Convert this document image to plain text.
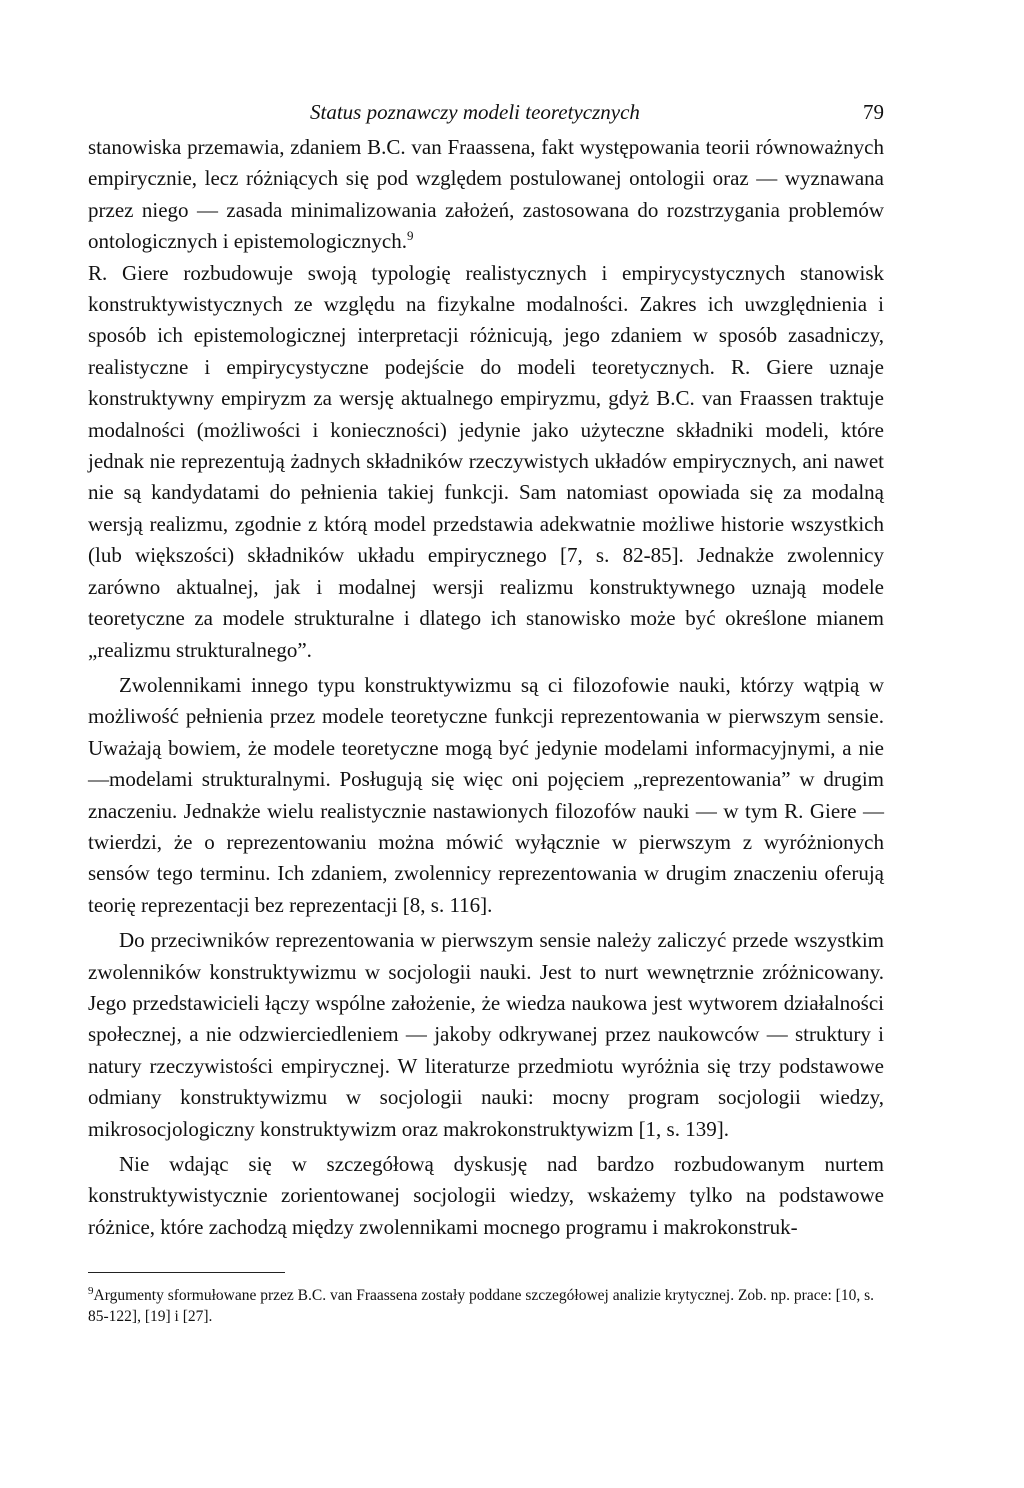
Status poznawczy modeli teoretycznych	79

stanowiska przemawia, zdaniem B.C. van Fraassena, fakt występowania teorii równoważnych empirycznie, lecz różniących się pod względem postulowanej ontologii oraz — wyznawana przez niego — zasada minimalizowania założeń, zastosowana do rozstrzygania problemów ontologicznych i epistemologicznych.$^9$

R. Giere rozbudowuje swoją typologię realistycznych i empirycystycznych stanowisk konstruktywistycznych ze względu na fizykalne modalności. Zakres ich uwzględnienia i sposób ich epistemologicznej interpretacji różnicują, jego zdaniem w sposób zasadniczy, realistyczne i empirycystyczne podejście do modeli teoretycznych. R. Giere uznaje konstruktywny empiryzm za wersję aktualnego empiryzmu, gdyż B.C. van Fraassen traktuje modalności (możliwości i konieczności) jedynie jako użyteczne składniki modeli, które jednak nie reprezentują żadnych składników rzeczywistych układów empirycznych, ani nawet nie są kandydatami do pełnienia takiej funkcji. Sam natomiast opowiada się za modalną wersją realizmu, zgodnie z którą model przedstawia adekwatnie możliwe historie wszystkich (lub większości) składników układu empirycznego [7, s. 82-85]. Jednakże zwolennicy zarówno aktualnej, jak i modalnej wersji realizmu konstruktywnego uznają modele teoretyczne za modele strukturalne i dlatego ich stanowisko może być określone mianem „realizmu strukturalnego”.

Zwolennikami innego typu konstruktywizmu są ci filozofowie nauki, którzy wątpią w możliwość pełnienia przez modele teoretyczne funkcji reprezentowania w pierwszym sensie. Uważają bowiem, że modele teoretyczne mogą być jedynie modelami informacyjnymi, a nie —modelami strukturalnymi. Posługują się więc oni pojęciem „reprezentowania” w drugim znaczeniu. Jednakże wielu realistycznie nastawionych filozofów nauki — w tym R. Giere — twierdzi, że o reprezentowaniu można mówić wyłącznie w pierwszym z wyróżnionych sensów tego terminu. Ich zdaniem, zwolennicy reprezentowania w drugim znaczeniu oferują teorię reprezentacji bez reprezentacji [8, s. 116].

Do przeciwników reprezentowania w pierwszym sensie należy zaliczyć przede wszystkim zwolenników konstruktywizmu w socjologii nauki. Jest to nurt wewnętrznie zróżnicowany. Jego przedstawicieli łączy wspólne założenie, że wiedza naukowa jest wytworem działalności społecznej, a nie odzwierciedleniem — jakoby odkrywanej przez naukowców — struktury i natury rzeczywistości empirycznej. W literaturze przedmiotu wyróżnia się trzy podstawowe odmiany konstruktywizmu w socjologii nauki: mocny program socjologii wiedzy, mikrosocjologiczny konstruktywizm oraz makrokonstruktywizm [1, s. 139].

Nie wdając się w szczegółową dyskusję nad bardzo rozbudowanym nurtem konstruktywistycznie zorientowanej socjologii wiedzy, wskażemy tylko na podstawowe różnice, które zachodzą między zwolennikami mocnego programu i makrokonstruk-

$^9$Argumenty sformułowane przez B.C. van Fraassena zostały poddane szczegółowej analizie krytycznej. Zob. np. prace: [10, s. 85-122], [19] i [27].
